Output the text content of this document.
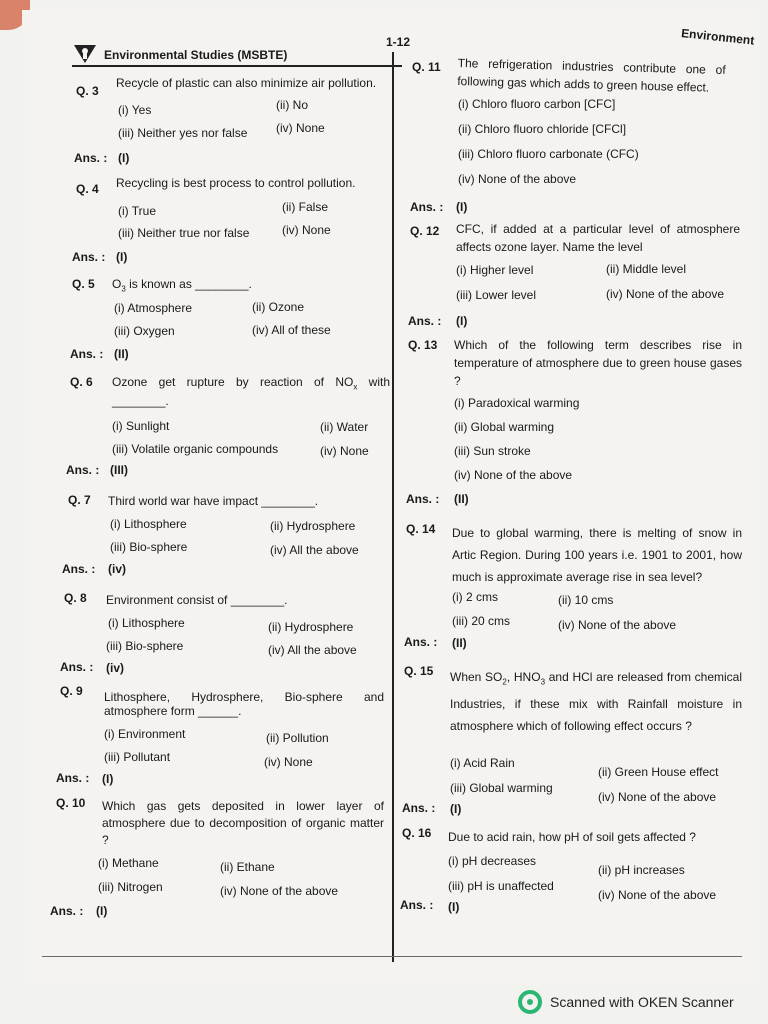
Environmental Studies (MSBTE)
1-12	Environment
Q. 3
Recycle of plastic can also minimize air pollution.
(i) Yes	(ii) No
(iii) Neither yes nor false (iv) None
Ans. : (I)
Q. 4 Recycling is best process to control pollution.
(i) True	(ii) False
(iii) Neither true nor false	(iv) None
Ans. : (I)
Q. 5 $O_3$ is known as ________.
(i) Atmosphere	(ii) Ozone
(iii) Oxygen	(iv) All of these
Ans. : (II)
Q. 6 Ozone get rupture by reaction of $NO_x$ with
________.
(i) Sunlight	(ii) Water
(iii) Volatile organic compounds	(iv) None
Ans. : (III)
Q. 7 Third world war have impact ________.
(i) Lithosphere	(ii) Hydrosphere
(iii) Bio-sphere	(iv) All the above
Ans. : (iv)
Q. 8 Environment consist of ________.
(i) Lithosphere	(ii) Hydrosphere
(iii) Bio-sphere	(iv) All the above
Ans. : (iv)
Q. 9 Lithosphere, Hydrosphere, Bio-sphere and atmosphere form ______.
(i) Environment	(ii) Pollution
(iii) Pollutant	(iv) None
Ans. : (I)
Q. 10 Which gas gets deposited in lower layer of atmosphere due to decomposition of organic matter ?
(i) Methane	(ii) Ethane
(iii) Nitrogen	(iv) None of the above
Ans. : (I)
Q. 11 The refrigeration industries contribute one of following gas which adds to green house effect.
(i) Chloro fluoro carbon [CFC]
(ii) Chloro fluoro chloride [CFCl]
(iii) Chloro fluoro carbonate (CFC)
(iv) None of the above
Ans. : (I)
Q. 12 CFC, if added at a particular level of atmosphere affects ozone layer. Name the level
(i) Higher level	(ii) Middle level
(iii) Lower level	(iv) None of the above
Ans. : (I)
Q. 13 Which of the following term describes rise in temperature of atmosphere due to green house gases ?
(i) Paradoxical warming
(ii) Global warming
(iii) Sun stroke
(iv) None of the above
Ans. : (II)
Q. 14 Due to global warming, there is melting of snow in Artic Region. During 100 years i.e. 1901 to 2001, how much is approximate average rise in sea level?
(i) 2 cms	(ii) 10 cms
(iii) 20 cms	(iv) None of the above
Ans. : (II)
Q. 15 When $SO_2$, $HNO_3$ and HCl are released from chemical Industries, if these mix with Rainfall moisture in atmosphere which of following effect occurs ?
(i) Acid Rain
(ii) Green House effect
(iii) Global warming
(iv) None of the above
Ans. : (I)
Q. 16 Due to acid rain, how pH of soil gets affected ?
(i) pH decreases
(ii) pH increases
(iii) pH is unaffected
(iv) None of the above
Ans. : (I)
Scanned with OKEN Scanner
